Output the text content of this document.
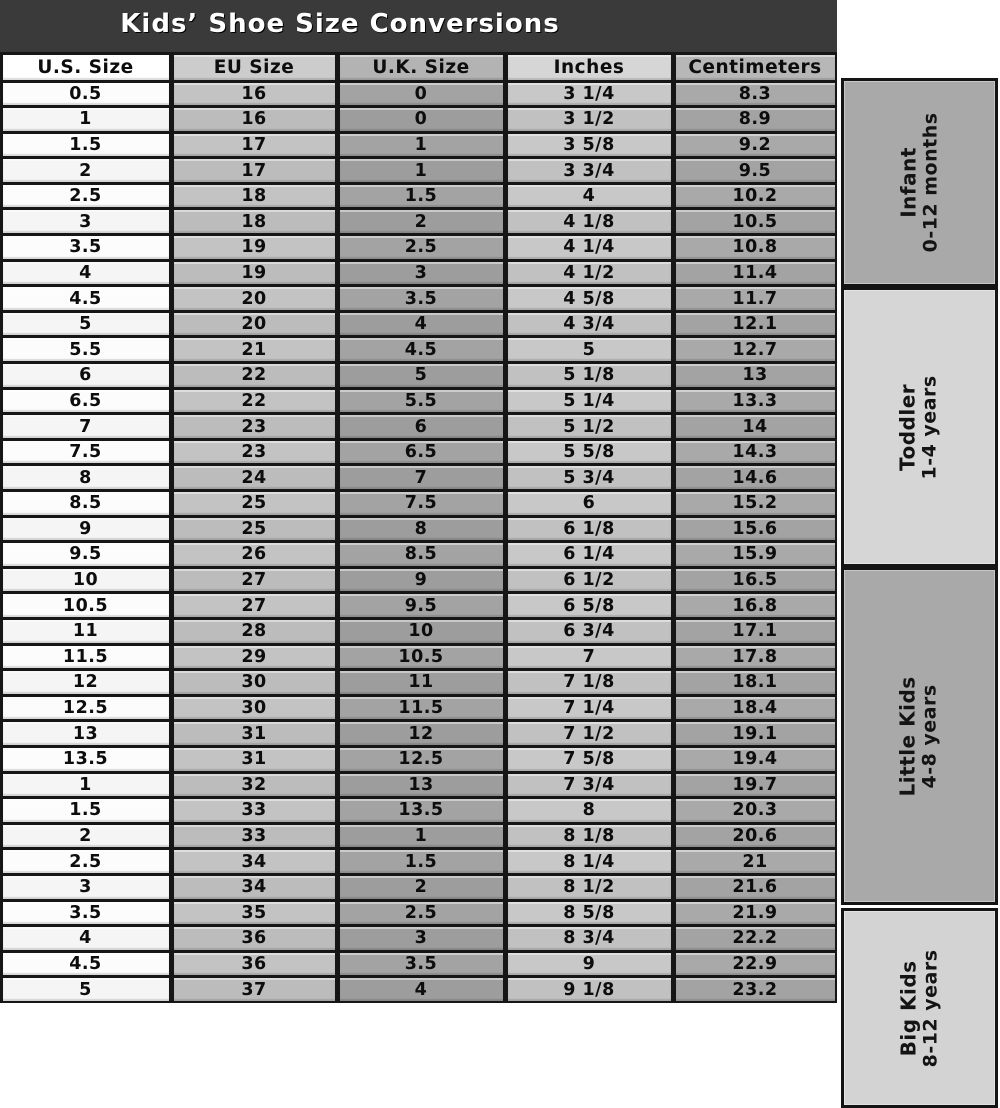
Kids’ Shoe Size Conversions
U.S. Size	EU Size	U.K. Size	Inches	Centimeters
0.5	16	0	3 1/4	8.3
1	16	0	3 1/2	8.9
1.5	17	1	3 5/8	9.2
2	17	1	3 3/4	9.5
2.5	18	1.5	4	10.2
3	18	2	4 1/8	10.5
3.5	19	2.5	4 1/4	10.8
4	19	3	4 1/2	11.4
4.5	20	3.5	4 5/8	11.7
5	20	4	4 3/4	12.1
5.5	21	4.5	5	12.7
6	22	5	5 1/8	13
6.5	22	5.5	5 1/4	13.3
7	23	6	5 1/2	14
7.5	23	6.5	5 5/8	14.3
8	24	7	5 3/4	14.6
8.5	25	7.5	6	15.2
9	25	8	6 1/8	15.6
9.5	26	8.5	6 1/4	15.9
10	27	9	6 1/2	16.5
10.5	27	9.5	6 5/8	16.8
11	28	10	6 3/4	17.1
11.5	29	10.5	7	17.8
12	30	11	7 1/8	18.1
12.5	30	11.5	7 1/4	18.4
13	31	12	7 1/2	19.1
13.5	31	12.5	7 5/8	19.4
1	32	13	7 3/4	19.7
1.5	33	13.5	8	20.3
2	33	1	8 1/8	20.6
2.5	34	1.5	8 1/4	21
3	34	2	8 1/2	21.6
3.5	35	2.5	8 5/8	21.9
4	36	3	8 3/4	22.2
4.5	36	3.5	9	22.9
5	37	4	9 1/8	23.2
Infant 0-12 months
Toddler 1-4 years
Little Kids 4-8 years
Big Kids 8-12 years
